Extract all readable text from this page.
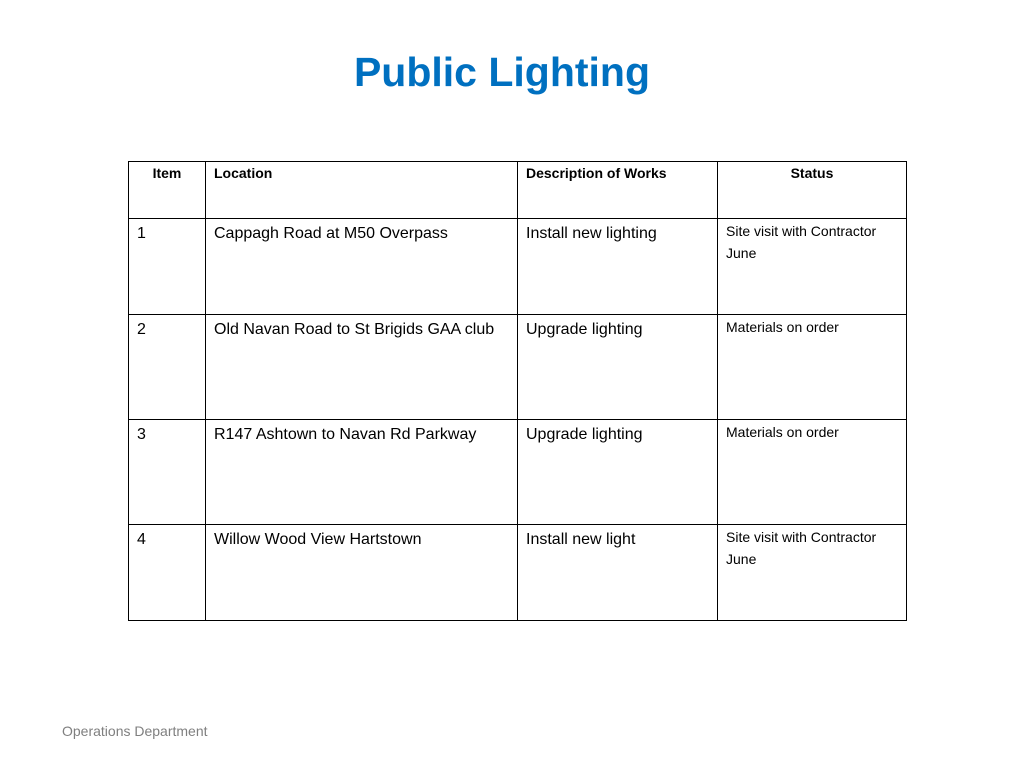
Public Lighting
Item	Location	Description of Works	Status
1	Cappagh Road at M50 Overpass	Install new lighting	Site visit with Contractor June
2	Old Navan Road to St Brigids GAA club	Upgrade lighting	Materials on order
3	R147 Ashtown to Navan Rd Parkway	Upgrade lighting	Materials on order
4	Willow Wood View Hartstown	Install new light	Site visit with Contractor June
Operations Department
